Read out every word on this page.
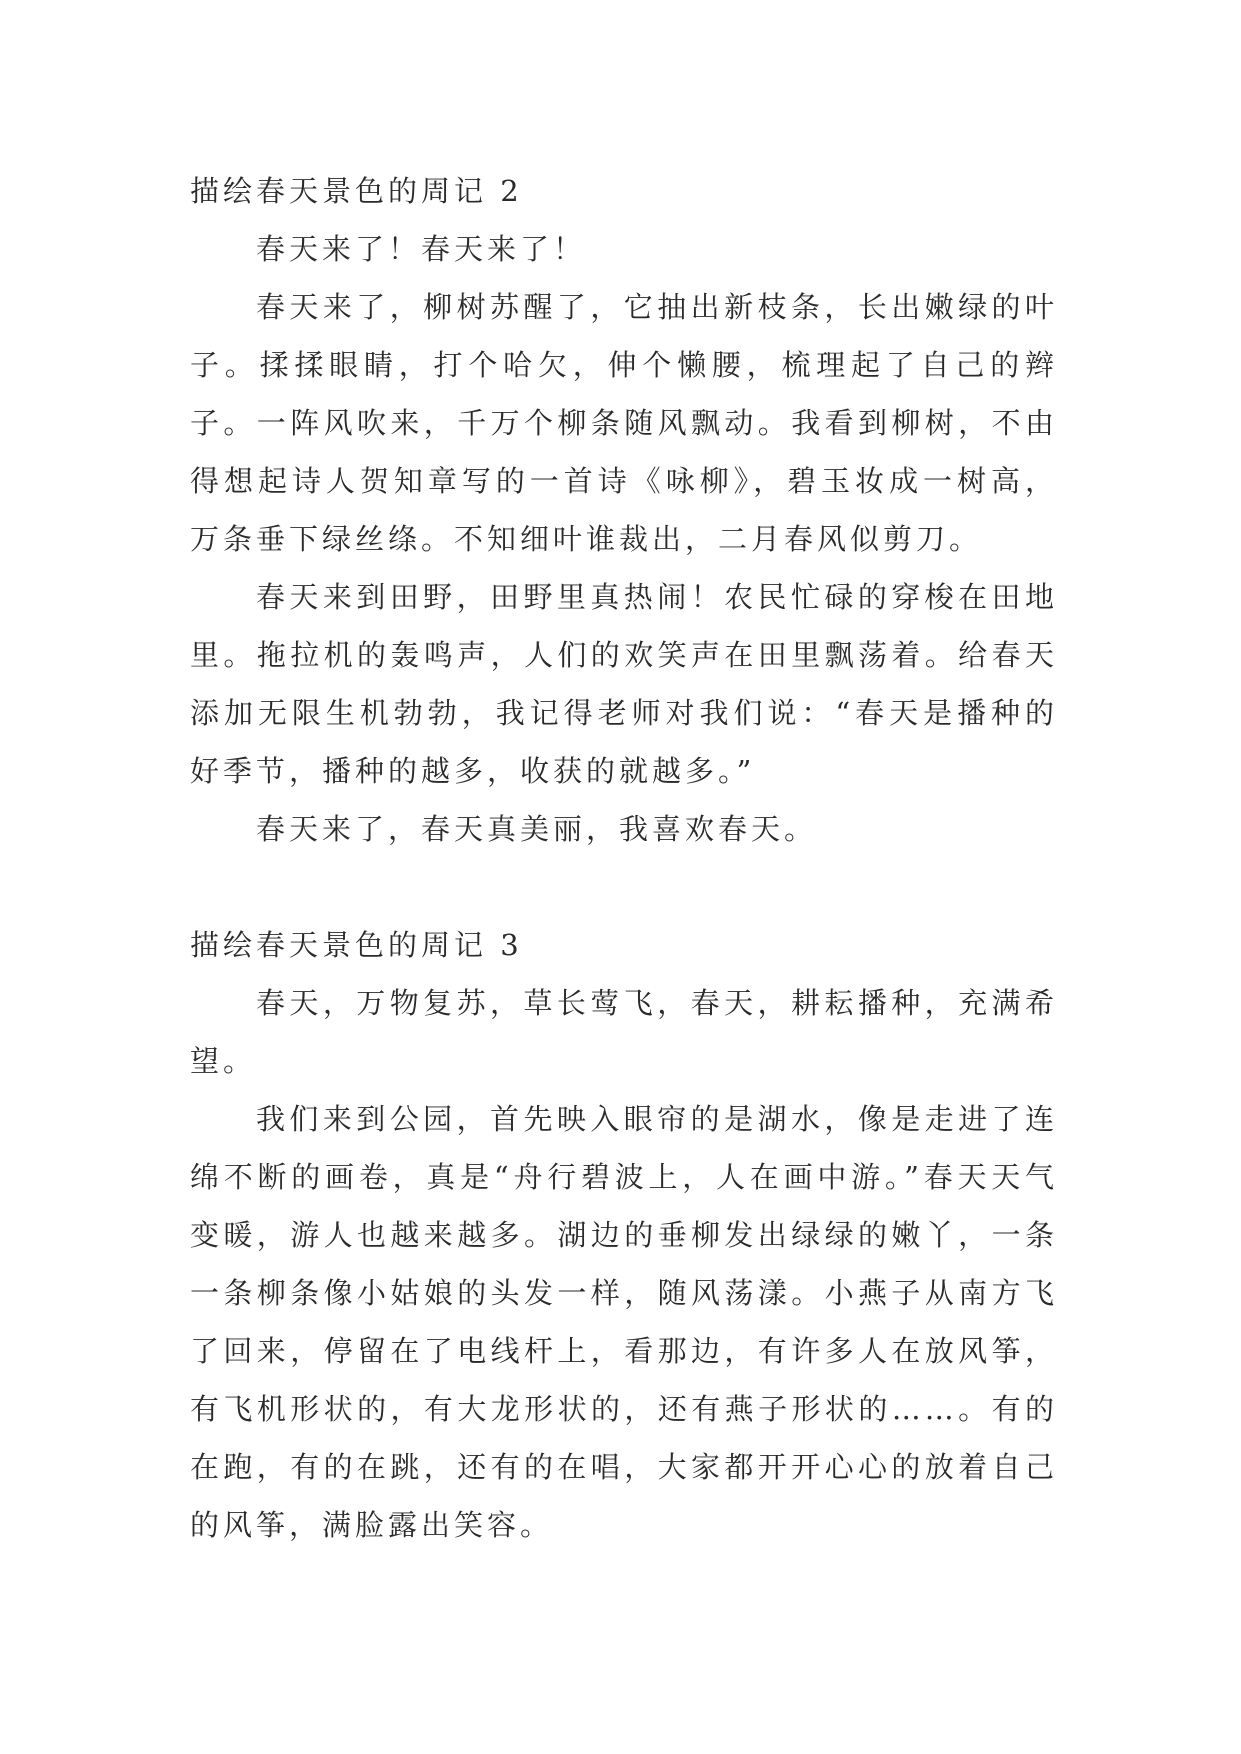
描绘春天景色的周记 2

春天来了！春天来了！

春天来了，柳树苏醒了，它抽出新枝条，长出嫩绿的叶子。揉揉眼睛，打个哈欠，伸个懒腰，梳理起了自己的辫子。一阵风吹来，千万个柳条随风飘动。我看到柳树，不由得想起诗人贺知章写的一首诗《咏柳》，碧玉妆成一树高，万条垂下绿丝绦。不知细叶谁裁出，二月春风似剪刀。

春天来到田野，田野里真热闹！农民忙碌的穿梭在田地里。拖拉机的轰鸣声，人们的欢笑声在田里飘荡着。给春天添加无限生机勃勃，我记得老师对我们说：“春天是播种的好季节，播种的越多，收获的就越多。”

春天来了，春天真美丽，我喜欢春天。

描绘春天景色的周记 3

春天，万物复苏，草长莺飞，春天，耕耘播种，充满希望。

我们来到公园，首先映入眼帘的是湖水，像是走进了连绵不断的画卷，真是“舟行碧波上，人在画中游。”春天天气变暖，游人也越来越多。湖边的垂柳发出绿绿的嫩丫，一条一条柳条像小姑娘的头发一样，随风荡漾。小燕子从南方飞了回来，停留在了电线杆上，看那边，有许多人在放风筝，有飞机形状的，有大龙形状的，还有燕子形状的……。有的在跑，有的在跳，还有的在唱，大家都开开心心的放着自己的风筝，满脸露出笑容。
